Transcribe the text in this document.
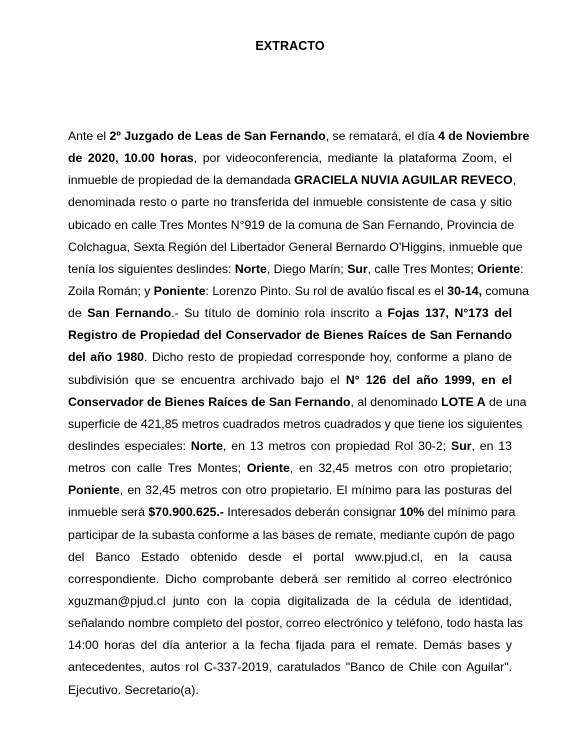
EXTRACTO
Ante el 2º Juzgado de Leas de San Fernando, se rematará, el día 4 de Noviembre
de 2020, 10.00 horas, por videoconferencia, mediante la plataforma Zoom, el
inmueble de propiedad de la demandada GRACIELA NUVIA AGUILAR REVECO,
denominada resto o parte no transferida del inmueble consistente de casa y sitio
ubicado en calle Tres Montes N°919 de la comuna de San Fernando, Provincia de
Colchagua, Sexta Región del Libertador General Bernardo O'Higgins, inmueble que
tenía los siguientes deslindes: Norte, Diego Marín; Sur, calle Tres Montes; Oriente:
Zoila Román; y Poniente: Lorenzo Pinto. Su rol de avalúo fiscal es el 30-14, comuna
de San Fernando.- Su título de dominio rola inscrito a Fojas 137, N°173 del
Registro de Propiedad del Conservador de Bienes Raíces de San Fernando
del año 1980. Dicho resto de propiedad corresponde hoy, conforme a plano de
subdivisión que se encuentra archivado bajo el N° 126 del año 1999, en el
Conservador de Bienes Raíces de San Fernando, al denominado LOTE A de una
superficie de 421,85 metros cuadrados metros cuadrados y que tiene los siguientes
deslindes especiales: Norte, en 13 metros con propiedad Rol 30-2; Sur, en 13
metros con calle Tres Montes; Oriente, en 32,45 metros con otro propietario;
Poniente, en 32,45 metros con otro propietario. El mínimo para las posturas del
inmueble será $70.900.625.- Interesados deberán consignar 10% del mínimo para
participar de la subasta conforme a las bases de remate, mediante cupón de pago
del Banco Estado obtenido desde el portal www.pjud.cl, en la causa
correspondiente. Dicho comprobante deberá ser remitido al correo electrónico
xguzman@pjud.cl junto con la copia digitalizada de la cédula de identidad,
señalando nombre completo del postor, correo electrónico y teléfono, todo hasta las
14:00 horas del día anterior a la fecha fijada para el remate. Demás bases y
antecedentes, autos rol C-337-2019, caratulados "Banco de Chile con Aguilar".
Ejecutivo. Secretario(a).
